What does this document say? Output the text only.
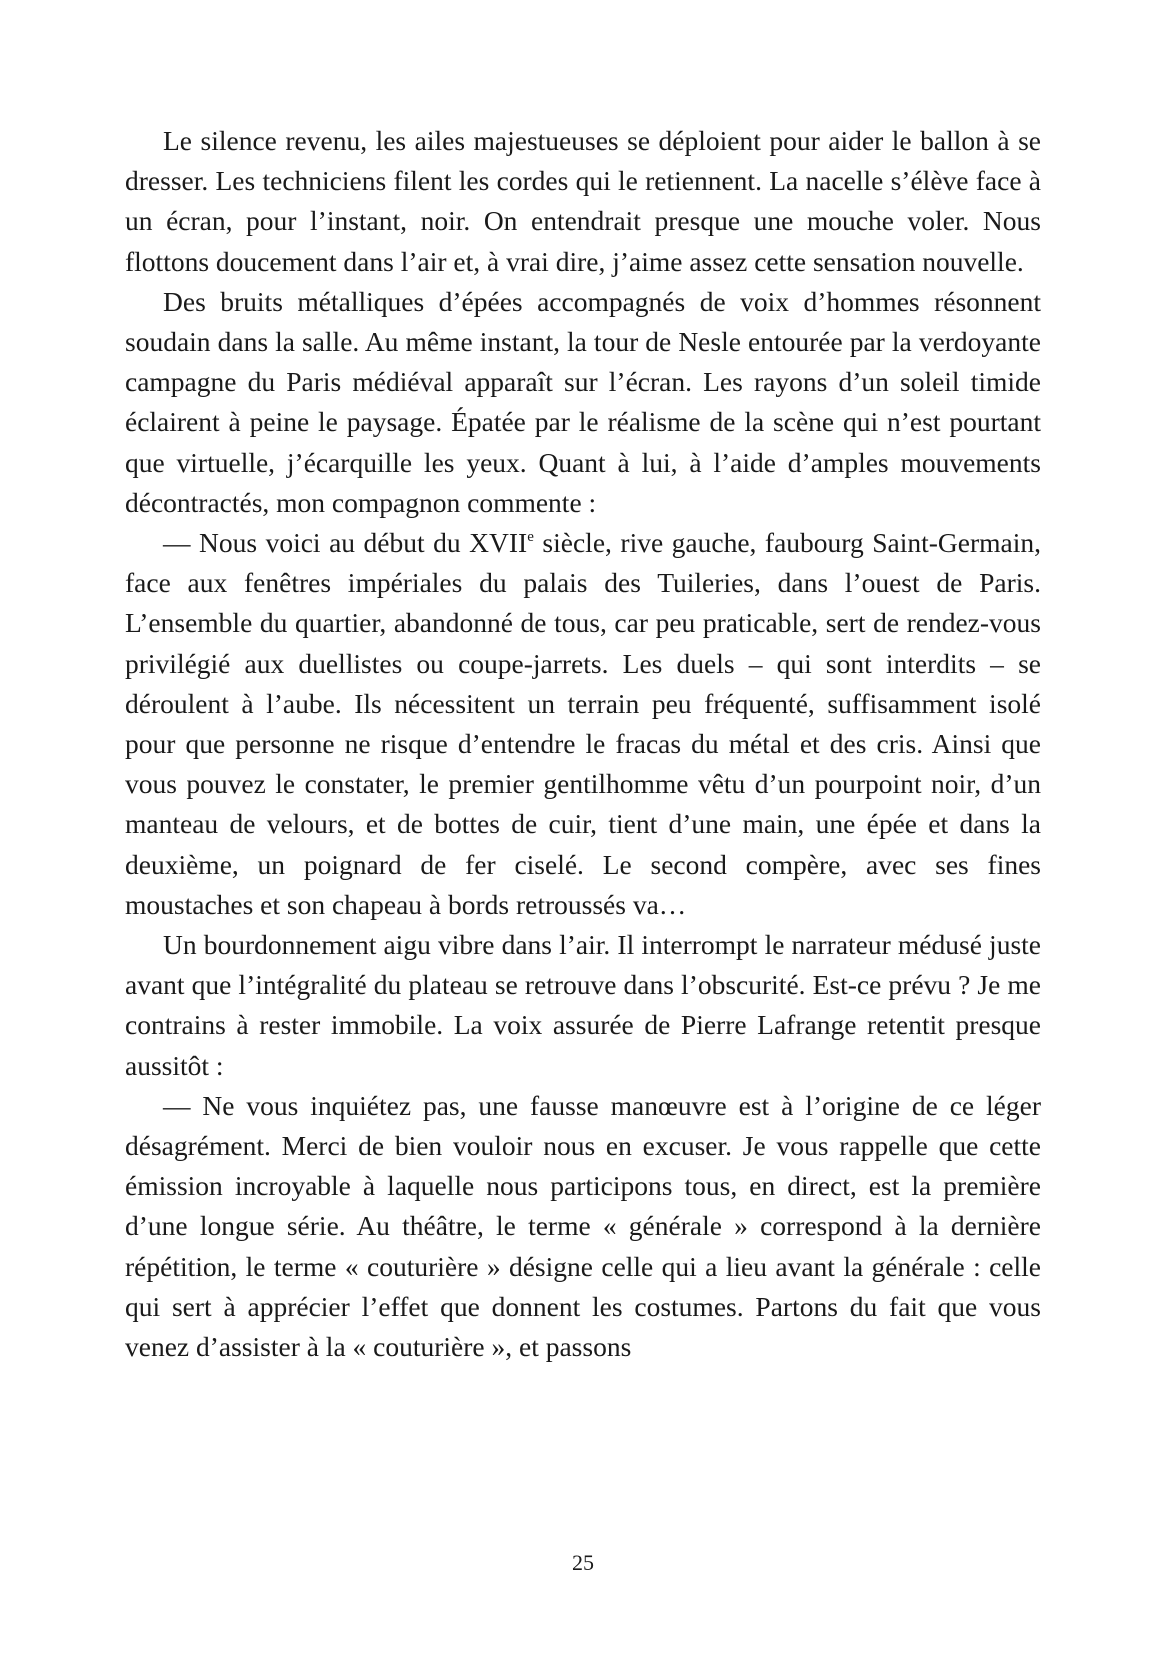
Le silence revenu, les ailes majestueuses se déploient pour aider le ballon à se dresser. Les techniciens filent les cordes qui le retiennent. La nacelle s’élève face à un écran, pour l’instant, noir. On entendrait presque une mouche voler. Nous flottons doucement dans l’air et, à vrai dire, j’aime assez cette sensation nouvelle.

Des bruits métalliques d’épées accompagnés de voix d’hommes résonnent soudain dans la salle. Au même instant, la tour de Nesle entourée par la verdoyante campagne du Paris médiéval apparaît sur l’écran. Les rayons d’un soleil timide éclairent à peine le paysage. Épatée par le réalisme de la scène qui n’est pourtant que virtuelle, j’écarquille les yeux. Quant à lui, à l’aide d’amples mouvements décontractés, mon compagnon commente :

— Nous voici au début du XVIIe siècle, rive gauche, faubourg Saint-Germain, face aux fenêtres impériales du palais des Tuileries, dans l’ouest de Paris. L’ensemble du quartier, abandonné de tous, car peu praticable, sert de rendez-vous privilégié aux duellistes ou coupe-jarrets. Les duels – qui sont interdits – se déroulent à l’aube. Ils nécessitent un terrain peu fréquenté, suffisamment isolé pour que personne ne risque d’entendre le fracas du métal et des cris. Ainsi que vous pouvez le constater, le premier gentilhomme vêtu d’un pourpoint noir, d’un manteau de velours, et de bottes de cuir, tient d’une main, une épée et dans la deuxième, un poignard de fer ciselé. Le second compère, avec ses fines moustaches et son chapeau à bords retroussés va…

Un bourdonnement aigu vibre dans l’air. Il interrompt le narrateur médusé juste avant que l’intégralité du plateau se retrouve dans l’obscurité. Est-ce prévu ? Je me contrains à rester immobile. La voix assurée de Pierre Lafrange retentit presque aussitôt :

— Ne vous inquiétez pas, une fausse manœuvre est à l’origine de ce léger désagrément. Merci de bien vouloir nous en excuser. Je vous rappelle que cette émission incroyable à laquelle nous participons tous, en direct, est la première d’une longue série. Au théâtre, le terme « générale » correspond à la dernière répétition, le terme « couturière » désigne celle qui a lieu avant la générale : celle qui sert à apprécier l’effet que donnent les costumes. Partons du fait que vous venez d’assister à la « couturière », et passons

25
